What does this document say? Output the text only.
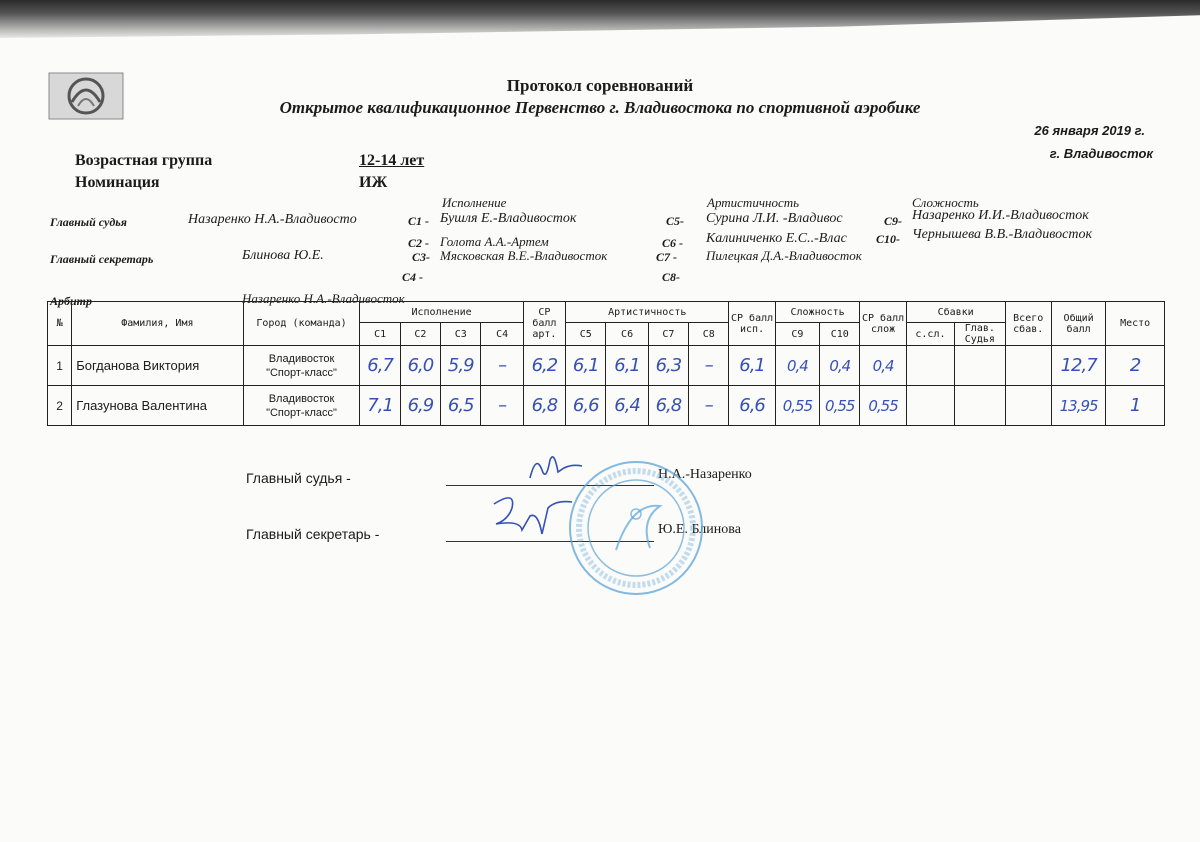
Протокол соревнований
Открытое квалификационное Первенство г. Владивостока по спортивной аэробике
26 января 2019 г.
г. Владивосток
Возрастная группа	12-14 лет
Номинация	ИЖ
Исполнение	Артистичность	Сложность
Главный судья	Назаренко Н.А.-Владивосто
Главный секретарь	Блинова Ю.Е.
Арбитр	Назаренко Н.А.-Владивосток
С1 - Бушля Е.-Владивосток
С2 - Голота А.А.-Артем
С3- Мясковская В.Е.-Владивосток
С4 -
С5- Сурина Л.И. -Владивос
С6 - Калиниченко Е.С..-Влас
С7 - Пилецкая Д.А.-Владивосток
С8-
С9- Назаренко И.И.-Владивосток
С10- Чернышева В.В.-Владивосток
№	Фамилия, Имя	Город (команда)	Исполнение				СР балл арт.	Артистичность				СР балл исп.	Сложность		СР балл слож	Сбавки		Всего сбав.	Общий балл	Место
			С1	С2	С3	С4		С5	С6	С7	С8		С9	С10		с.сл.	Глав. Судья			
1	Богданова Виктория	Владивосток
"Спорт-класс"	6,7	6,0	5,9	–	6,2	6,1	6,1	6,3	–	6,1	0,4	0,4	0,4				12,7	2
2	Глазунова Валентина	Владивосток
"Спорт-класс"	7,1	6,9	6,5	–	6,8	6,6	6,4	6,8	–	6,6	0,55	0,55	0,55				13,95	1
Главный судья -	Н.А.-Назаренко
Главный секретарь -	Ю.Е. Блинова
